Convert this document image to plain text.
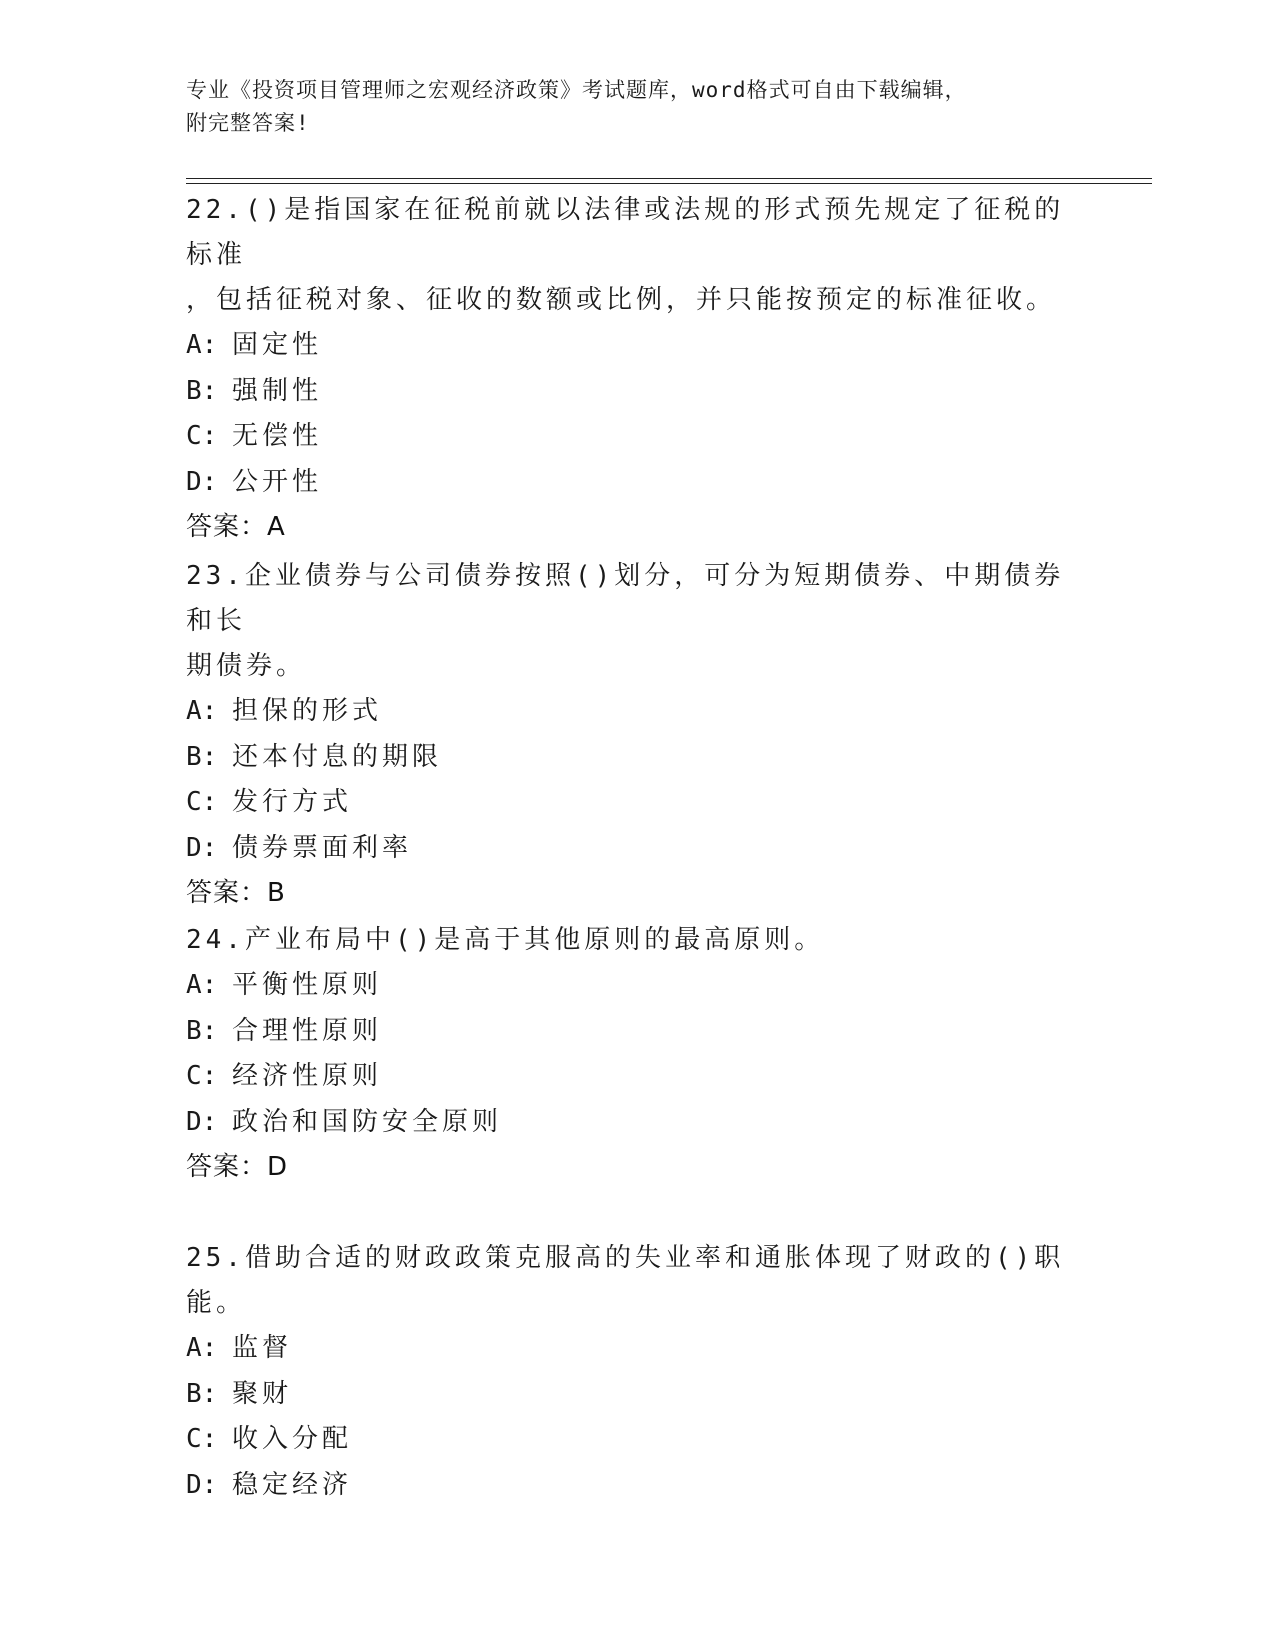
专业《投资项目管理师之宏观经济政策》考试题库，word格式可自由下载编辑，
附完整答案!
22.()是指国家在征税前就以法律或法规的形式预先规定了征税的标准
，包括征税对象、征收的数额或比例，并只能按预定的标准征收。
A: 固定性
B: 强制性
C: 无偿性
D: 公开性
答案：A
23.企业债券与公司债券按照()划分，可分为短期债券、中期债券和长
期债券。
A: 担保的形式
B: 还本付息的期限
C: 发行方式
D: 债券票面利率
答案：B
24.产业布局中()是高于其他原则的最高原则。
A: 平衡性原则
B: 合理性原则
C: 经济性原则
D: 政治和国防安全原则
答案：D
25.借助合适的财政政策克服高的失业率和通胀体现了财政的()职能。
A: 监督
B: 聚财
C: 收入分配
D: 稳定经济
